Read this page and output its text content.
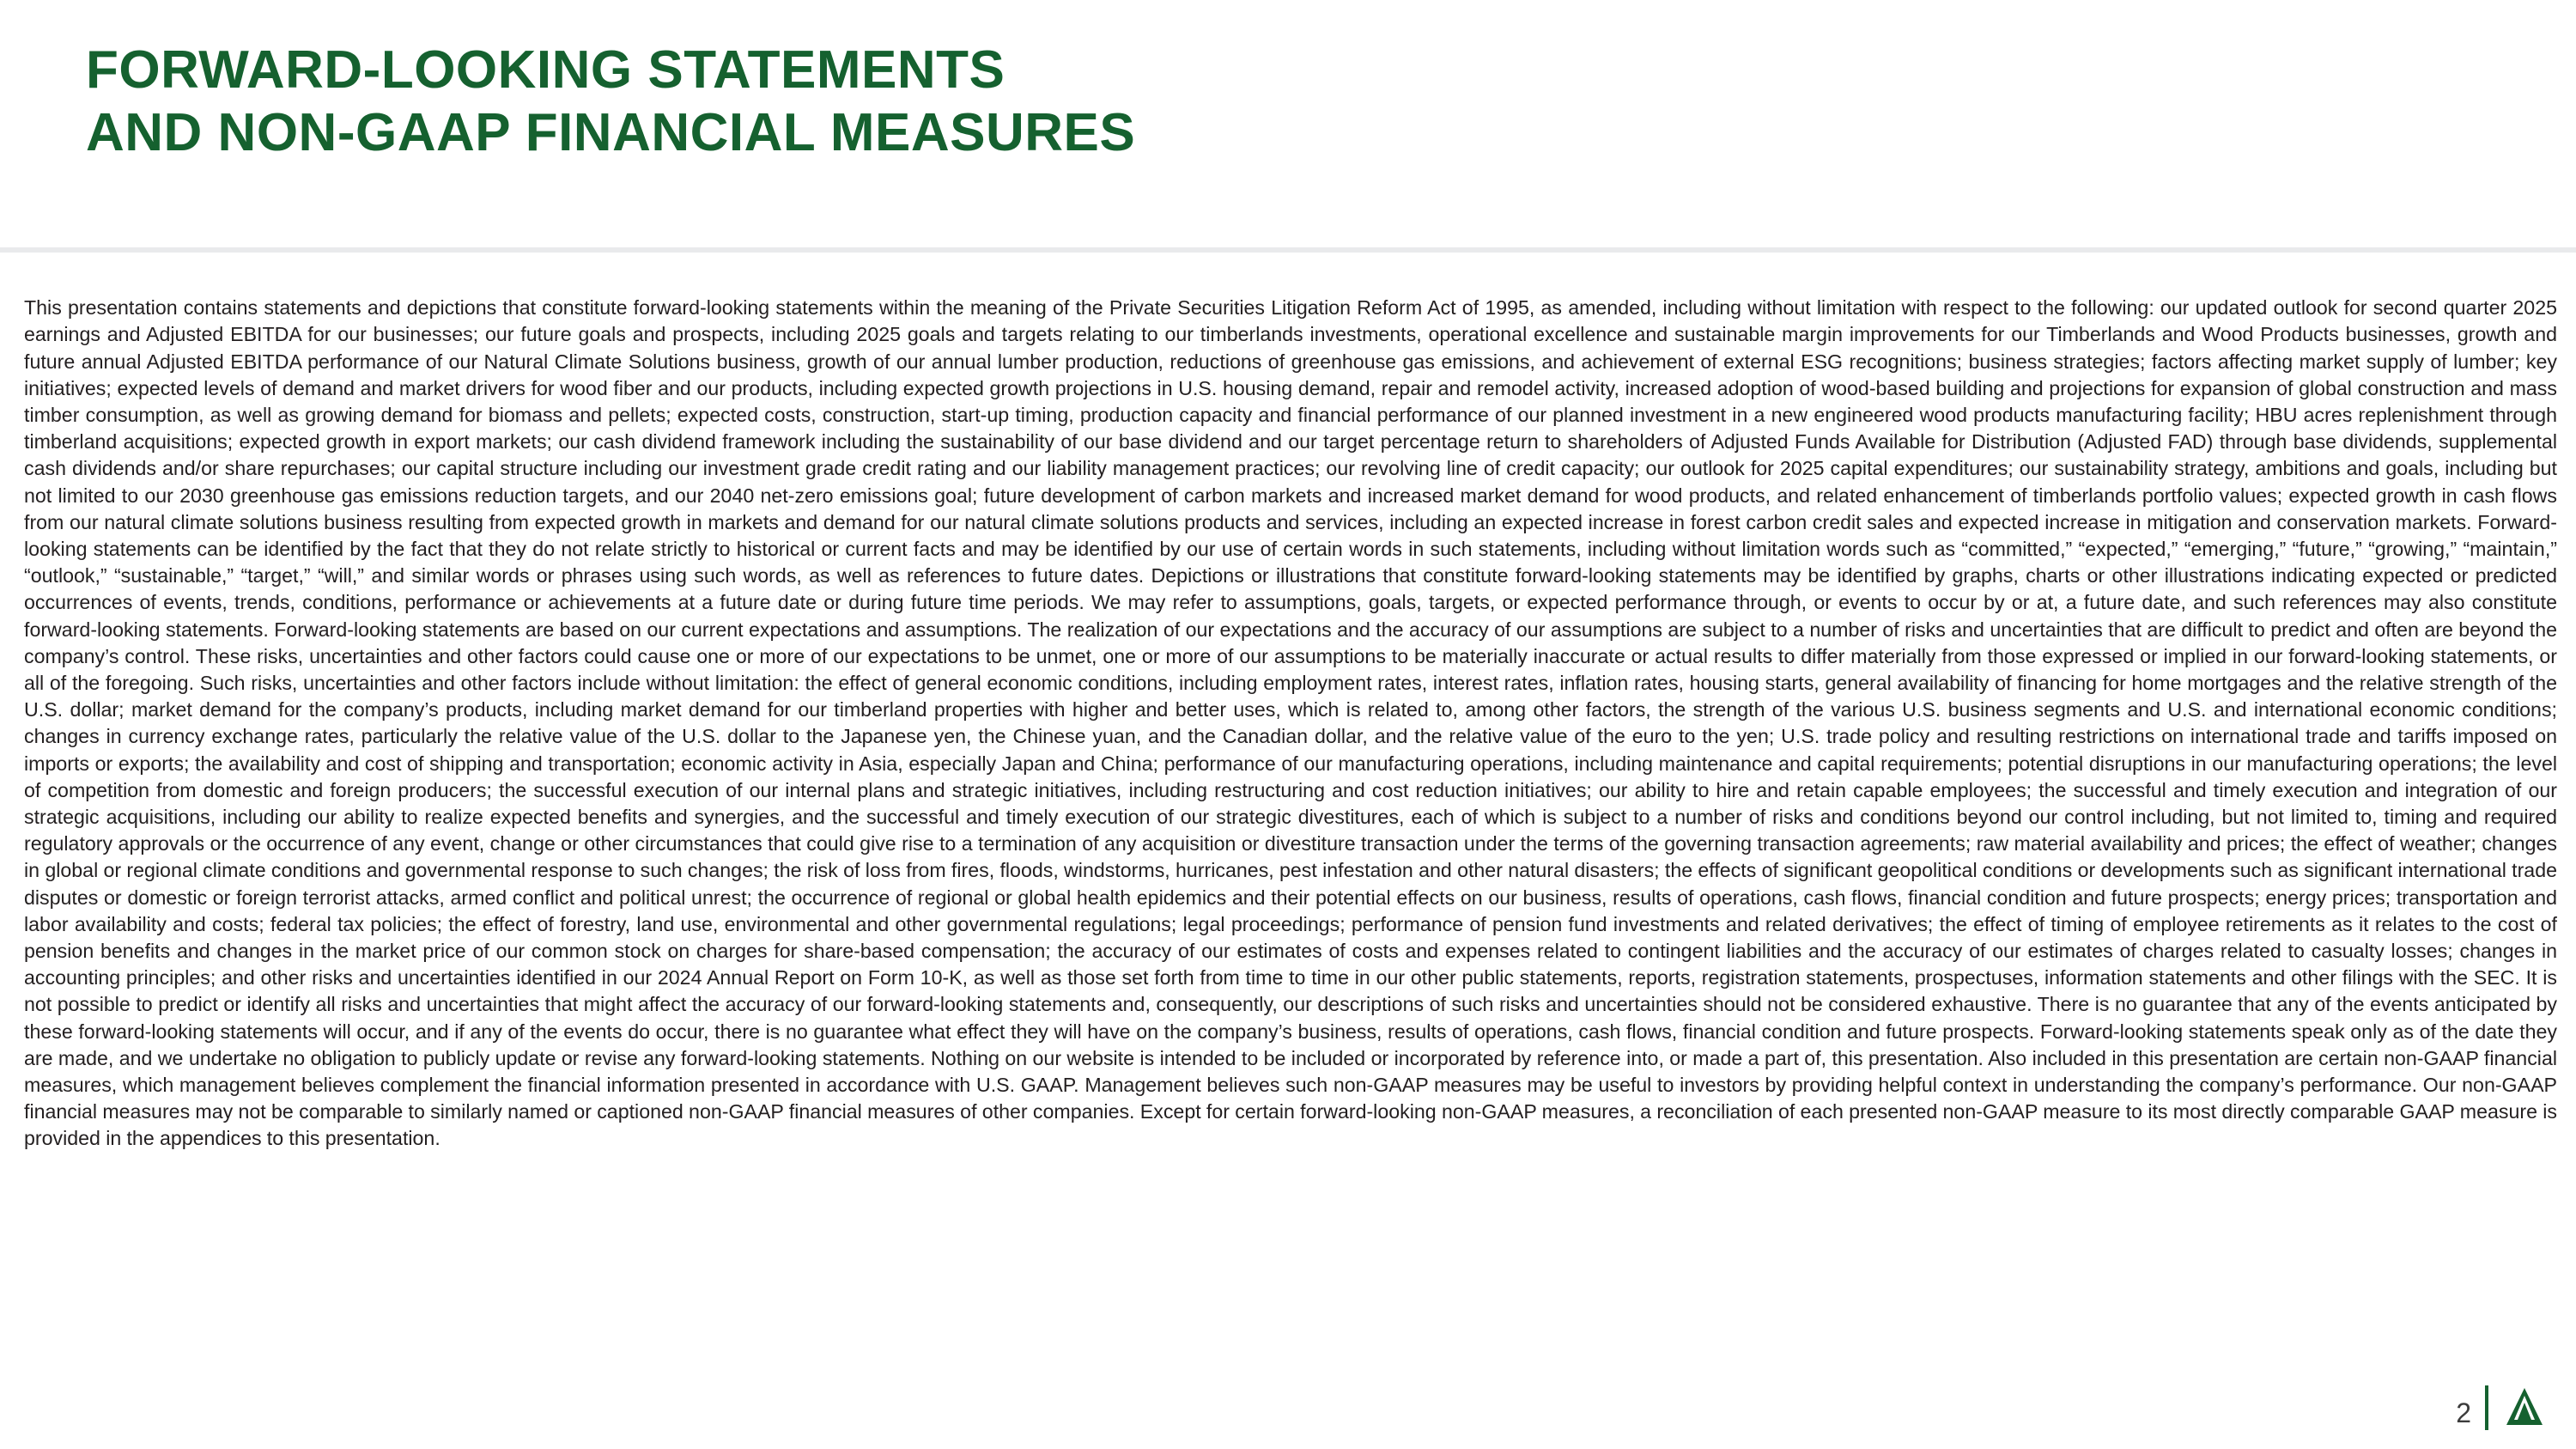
FORWARD-LOOKING STATEMENTS
AND NON-GAAP FINANCIAL MEASURES

This presentation contains statements and depictions that constitute forward-looking statements within the meaning of the Private Securities Litigation Reform Act of 1995, as amended, including without limitation with respect to the following: our updated outlook for second quarter 2025 earnings and Adjusted EBITDA for our businesses; our future goals and prospects, including 2025 goals and targets relating to our timberlands investments, operational excellence and sustainable margin improvements for our Timberlands and Wood Products businesses, growth and future annual Adjusted EBITDA performance of our Natural Climate Solutions business, growth of our annual lumber production, reductions of greenhouse gas emissions, and achievement of external ESG recognitions; business strategies; factors affecting market supply of lumber; key initiatives; expected levels of demand and market drivers for wood fiber and our products, including expected growth projections in U.S. housing demand, repair and remodel activity, increased adoption of wood-based building and projections for expansion of global construction and mass timber consumption, as well as growing demand for biomass and pellets; expected costs, construction, start-up timing, production capacity and financial performance of our planned investment in a new engineered wood products manufacturing facility; HBU acres replenishment through timberland acquisitions; expected growth in export markets; our cash dividend framework including the sustainability of our base dividend and our target percentage return to shareholders of Adjusted Funds Available for Distribution (Adjusted FAD) through base dividends, supplemental cash dividends and/or share repurchases; our capital structure including our investment grade credit rating and our liability management practices; our revolving line of credit capacity; our outlook for 2025 capital expenditures; our sustainability strategy, ambitions and goals, including but not limited to our 2030 greenhouse gas emissions reduction targets, and our 2040 net-zero emissions goal; future development of carbon markets and increased market demand for wood products, and related enhancement of timberlands portfolio values; expected growth in cash flows from our natural climate solutions business resulting from expected growth in markets and demand for our natural climate solutions products and services, including an expected increase in forest carbon credit sales and expected increase in mitigation and conservation markets. Forward-looking statements can be identified by the fact that they do not relate strictly to historical or current facts and may be identified by our use of certain words in such statements, including without limitation words such as “committed,” “expected,” “emerging,” “future,” “growing,” “maintain,” “outlook,” “sustainable,” “target,” “will,” and similar words or phrases using such words, as well as references to future dates. Depictions or illustrations that constitute forward-looking statements may be identified by graphs, charts or other illustrations indicating expected or predicted occurrences of events, trends, conditions, performance or achievements at a future date or during future time periods. We may refer to assumptions, goals, targets, or expected performance through, or events to occur by or at, a future date, and such references may also constitute forward-looking statements. Forward-looking statements are based on our current expectations and assumptions. The realization of our expectations and the accuracy of our assumptions are subject to a number of risks and uncertainties that are difficult to predict and often are beyond the company’s control. These risks, uncertainties and other factors could cause one or more of our expectations to be unmet, one or more of our assumptions to be materially inaccurate or actual results to differ materially from those expressed or implied in our forward-looking statements, or all of the foregoing. Such risks, uncertainties and other factors include without limitation: the effect of general economic conditions, including employment rates, interest rates, inflation rates, housing starts, general availability of financing for home mortgages and the relative strength of the U.S. dollar; market demand for the company’s products, including market demand for our timberland properties with higher and better uses, which is related to, among other factors, the strength of the various U.S. business segments and U.S. and international economic conditions; changes in currency exchange rates, particularly the relative value of the U.S. dollar to the Japanese yen, the Chinese yuan, and the Canadian dollar, and the relative value of the euro to the yen; U.S. trade policy and resulting restrictions on international trade and tariffs imposed on imports or exports; the availability and cost of shipping and transportation; economic activity in Asia, especially Japan and China; performance of our manufacturing operations, including maintenance and capital requirements; potential disruptions in our manufacturing operations; the level of competition from domestic and foreign producers; the successful execution of our internal plans and strategic initiatives, including restructuring and cost reduction initiatives; our ability to hire and retain capable employees; the successful and timely execution and integration of our strategic acquisitions, including our ability to realize expected benefits and synergies, and the successful and timely execution of our strategic divestitures, each of which is subject to a number of risks and conditions beyond our control including, but not limited to, timing and required regulatory approvals or the occurrence of any event, change or other circumstances that could give rise to a termination of any acquisition or divestiture transaction under the terms of the governing transaction agreements; raw material availability and prices; the effect of weather; changes in global or regional climate conditions and governmental response to such changes; the risk of loss from fires, floods, windstorms, hurricanes, pest infestation and other natural disasters; the effects of significant geopolitical conditions or developments such as significant international trade disputes or domestic or foreign terrorist attacks, armed conflict and political unrest; the occurrence of regional or global health epidemics and their potential effects on our business, results of operations, cash flows, financial condition and future prospects; energy prices; transportation and labor availability and costs; federal tax policies; the effect of forestry, land use, environmental and other governmental regulations; legal proceedings; performance of pension fund investments and related derivatives; the effect of timing of employee retirements as it relates to the cost of pension benefits and changes in the market price of our common stock on charges for share-based compensation; the accuracy of our estimates of costs and expenses related to contingent liabilities and the accuracy of our estimates of charges related to casualty losses; changes in accounting principles; and other risks and uncertainties identified in our 2024 Annual Report on Form 10-K, as well as those set forth from time to time in our other public statements, reports, registration statements, prospectuses, information statements and other filings with the SEC. It is not possible to predict or identify all risks and uncertainties that might affect the accuracy of our forward-looking statements and, consequently, our descriptions of such risks and uncertainties should not be considered exhaustive. There is no guarantee that any of the events anticipated by these forward-looking statements will occur, and if any of the events do occur, there is no guarantee what effect they will have on the company’s business, results of operations, cash flows, financial condition and future prospects. Forward-looking statements speak only as of the date they are made, and we undertake no obligation to publicly update or revise any forward-looking statements. Nothing on our website is intended to be included or incorporated by reference into, or made a part of, this presentation. Also included in this presentation are certain non-GAAP financial measures, which management believes complement the financial information presented in accordance with U.S. GAAP. Management believes such non-GAAP measures may be useful to investors by providing helpful context in understanding the company’s performance. Our non-GAAP financial measures may not be comparable to similarly named or captioned non-GAAP financial measures of other companies. Except for certain forward-looking non-GAAP measures, a reconciliation of each presented non-GAAP measure to its most directly comparable GAAP measure is provided in the appendices to this presentation.

2
